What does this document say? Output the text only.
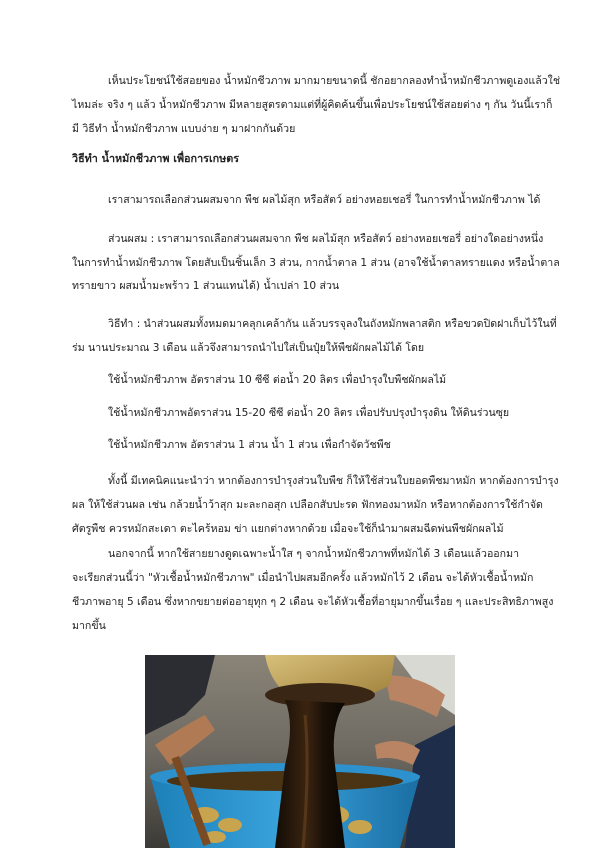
เห็นประโยชน์ใช้สอยของ น้ำหมักชีวภาพ มากมายขนาดนี้ ชักอยากลองทำน้ำหมักชีวภาพดูเองแล้วใช่
ไหมล่ะ จริง ๆ แล้ว น้ำหมักชีวภาพ มีหลายสูตรตามแต่ที่ผู้คิดค้นขึ้นเพื่อประโยชน์ใช้สอยต่าง ๆ กัน วันนี้เราก็
มี วิธีทำ น้ำหมักชีวภาพ แบบง่าย ๆ มาฝากกันด้วย
วิธีทำ น้ำหมักชีวภาพ เพื่อการเกษตร
เราสามารถเลือกส่วนผสมจาก พืช ผลไม้สุก หรือสัตว์ อย่างหอยเชอรี่ ในการทำน้ำหมักชีวภาพ ได้
ส่วนผสม : เราสามารถเลือกส่วนผสมจาก พืช ผลไม้สุก หรือสัตว์ อย่างหอยเชอรี่ อย่างใดอย่างหนึ่ง
ในการทำน้ำหมักชีวภาพ โดยสับเป็นชิ้นเล็ก 3 ส่วน, กากน้ำตาล 1 ส่วน (อาจใช้น้ำตาลทรายแดง หรือน้ำตาล
ทรายขาว ผสมน้ำมะพร้าว 1 ส่วนแทนได้) น้ำเปล่า 10 ส่วน
วิธีทำ : นำส่วนผสมทั้งหมดมาคลุกเคล้ากัน แล้วบรรจุลงในถังหมักพลาสติก หรือขวดปิดฝาเก็บไว้ในที่
ร่ม นานประมาณ 3 เดือน แล้วจึงสามารถนำไปใส่เป็นปุ๋ยให้พืชผักผลไม้ได้ โดย
ใช้น้ำหมักชีวภาพ อัตราส่วน 10 ซีซี ต่อน้ำ 20 ลิตร เพื่อบำรุงใบพืชผักผลไม้
ใช้น้ำหมักชีวภาพอัตราส่วน 15-20 ซีซี ต่อน้ำ 20 ลิตร เพื่อปรับปรุงบำรุงดิน ให้ดินร่วนซุย
ใช้น้ำหมักชีวภาพ อัตราส่วน 1 ส่วน น้ำ 1 ส่วน เพื่อกำจัดวัชพืช
ทั้งนี้ มีเทคนิคแนะนำว่า หากต้องการบำรุงส่วนใบพืช ก็ให้ใช้ส่วนใบยอดพืชมาหมัก หากต้องการบำรุง
ผล ให้ใช้ส่วนผล เช่น กล้วยน้ำว้าสุก มะละกอสุก เปลือกสับปะรด ฟักทองมาหมัก หรือหากต้องการใช้กำจัด
ศัตรูพืช ควรหมักสะเดา ตะไคร้หอม ข่า แยกต่างหากด้วย เมื่อจะใช้ก็นำมาผสมฉีดพ่นพืชผักผลไม้
นอกจากนี้ หากใช้สายยางดูดเฉพาะน้ำใส ๆ จากน้ำหมักชีวภาพที่หมักได้ 3 เดือนแล้วออกมา
จะเรียกส่วนนี้ว่า "หัวเชื้อน้ำหมักชีวภาพ" เมื่อนำไปผสมอีกครั้ง แล้วหมักไว้ 2 เดือน จะได้หัวเชื้อน้ำหมัก
ชีวภาพอายุ 5 เดือน ซึ่งหากขยายต่ออายุทุก ๆ 2 เดือน จะได้หัวเชื้อที่อายุมากขึ้นเรื่อย ๆ และประสิทธิภาพสูง
มากขึ้น
